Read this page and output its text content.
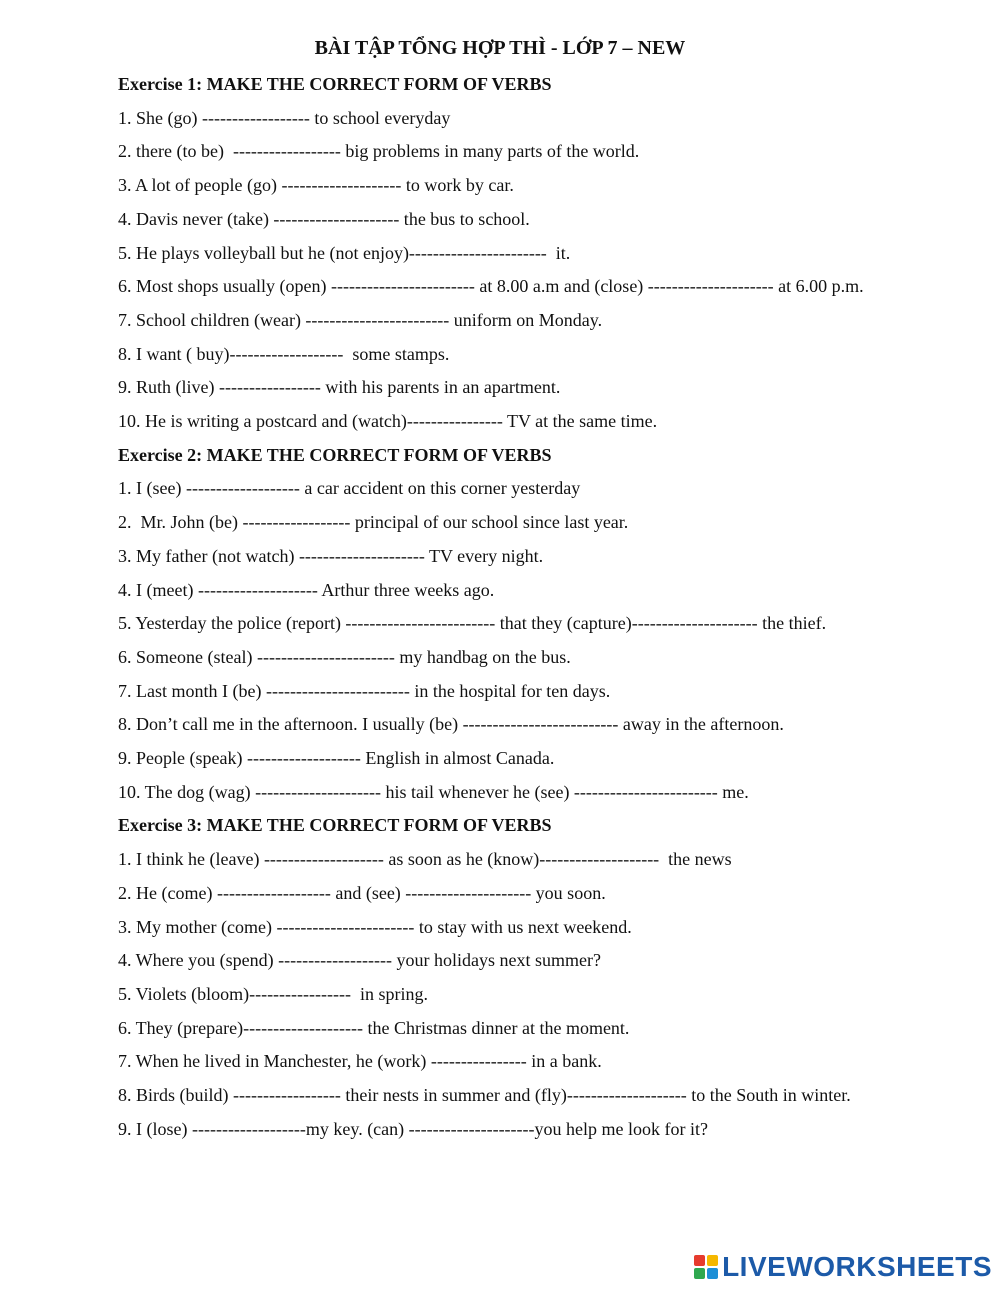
BÀI TẬP TỔNG HỢP THÌ - LỚP 7 – NEW
Exercise 1: MAKE THE CORRECT FORM OF VERBS
1. She (go) ------------------ to school everyday
2. there (to be)  ------------------ big problems in many parts of the world.
3. A lot of people (go) -------------------- to work by car.
4. Davis never (take) --------------------- the bus to school.
5. He plays volleyball but he (not enjoy)-----------------------  it.
6. Most shops usually (open) ------------------------ at 8.00 a.m and (close) --------------------- at 6.00 p.m.
7. School children (wear) ------------------------ uniform on Monday.
8. I want ( buy)-------------------  some stamps.
9. Ruth (live) ----------------- with his parents in an apartment.
10. He is writing a postcard and (watch)---------------- TV at the same time.
Exercise 2: MAKE THE CORRECT FORM OF VERBS
1. I (see) ------------------- a car accident on this corner yesterday
2.  Mr. John (be) ------------------ principal of our school since last year.
3. My father (not watch) --------------------- TV every night.
4. I (meet) -------------------- Arthur three weeks ago.
5. Yesterday the police (report) ------------------------- that they (capture)--------------------- the thief.
6. Someone (steal) ----------------------- my handbag on the bus.
7. Last month I (be) ------------------------ in the hospital for ten days.
8. Don’t call me in the afternoon. I usually (be) -------------------------- away in the afternoon.
9. People (speak) ------------------- English in almost Canada.
10. The dog (wag) --------------------- his tail whenever he (see) ------------------------ me.
Exercise 3: MAKE THE CORRECT FORM OF VERBS
1. I think he (leave) -------------------- as soon as he (know)--------------------  the news
2. He (come) ------------------- and (see) --------------------- you soon.
3. My mother (come) ----------------------- to stay with us next weekend.
4. Where you (spend) ------------------- your holidays next summer?
5. Violets (bloom)-----------------  in spring.
6. They (prepare)-------------------- the Christmas dinner at the moment.
7. When he lived in Manchester, he (work) ---------------- in a bank.
8. Birds (build) ------------------ their nests in summer and (fly)-------------------- to the South in winter.
9. I (lose) -------------------my key. (can) ---------------------you help me look for it?
LIVEWORKSHEETS
